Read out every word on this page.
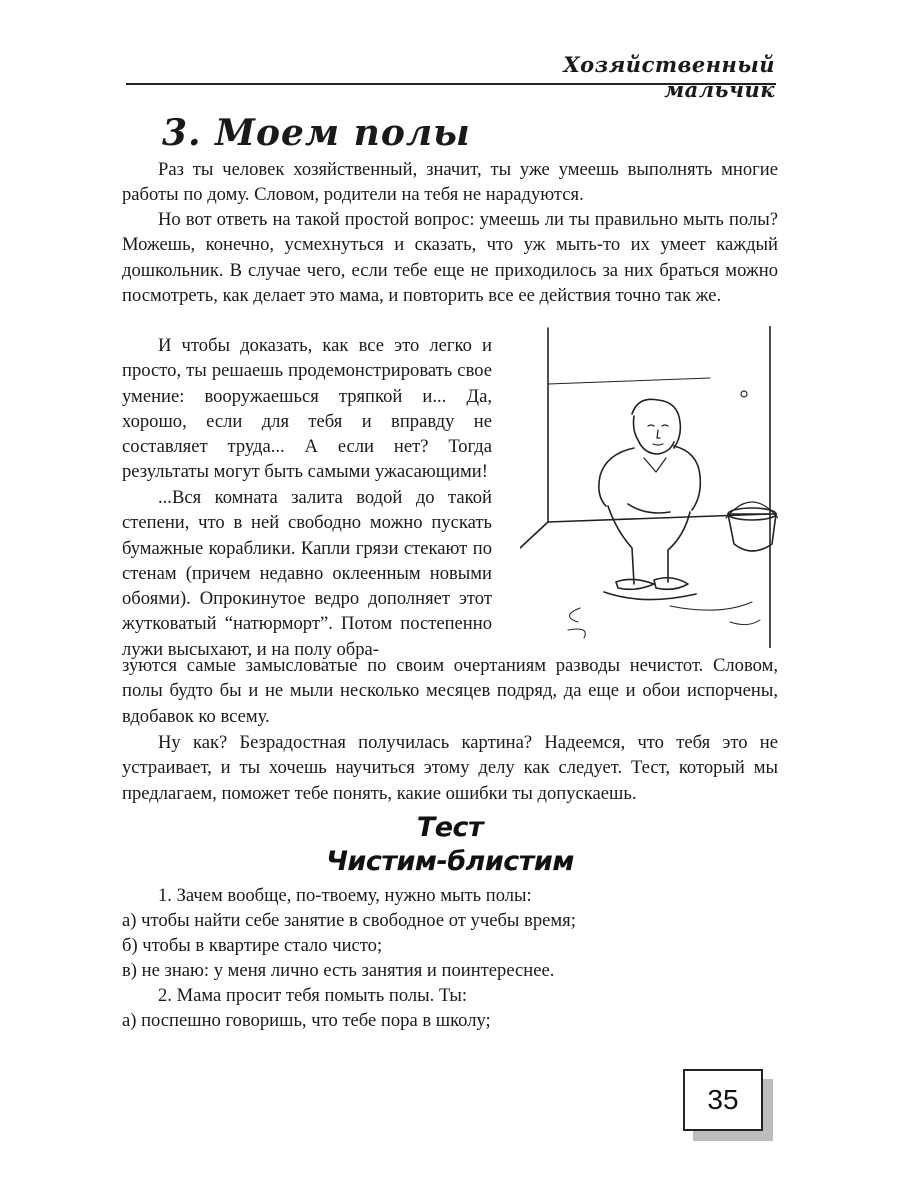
Хозяйственный мальчик
3. Моем полы

Раз ты человек хозяйственный, значит, ты уже умеешь выполнять многие работы по дому. Словом, родители на тебя не нарадуются.

Но вот ответь на такой простой вопрос: умеешь ли ты правильно мыть полы? Можешь, конечно, усмехнуться и сказать, что уж мыть-то их умеет каждый дошкольник. В случае чего, если тебе еще не приходилось за них браться можно посмотреть, как делает это мама, и повторить все ее действия точно так же.

И чтобы доказать, как все это легко и просто, ты решаешь продемонстрировать свое умение: вооружаешься тряпкой и... Да, хорошо, если для тебя и вправду не составляет труда... А если нет? Тогда результаты могут быть самыми ужасающими!

...Вся комната залита водой до такой степени, что в ней свободно можно пускать бумажные кораблики. Капли грязи стекают по стенам (причем недавно оклеенным новыми обоями). Опрокинутое ведро дополняет этот жутковатый “натюрморт”. Потом постепенно лужи высыхают, и на полу обра-

зуются самые замысловатые по своим очертаниям разводы нечистот. Словом, полы будто бы и не мыли несколько месяцев подряд, да еще и обои испорчены, вдобавок ко всему.

Ну как? Безрадостная получилась картина? Надеемся, что тебя это не устраивает, и ты хочешь научиться этому делу как следует. Тест, который мы предлагаем, поможет тебе понять, какие ошибки ты допускаешь.

Тест
Чистим-блистим

1. Зачем вообще, по-твоему, нужно мыть полы:

а) чтобы найти себе занятие в свободное от учебы время;

б) чтобы в квартире стало чисто;

в) не знаю: у меня лично есть занятия и поинтереснее.

2. Мама просит тебя помыть полы. Ты:

а) поспешно говоришь, что тебе пора в школу;

35
